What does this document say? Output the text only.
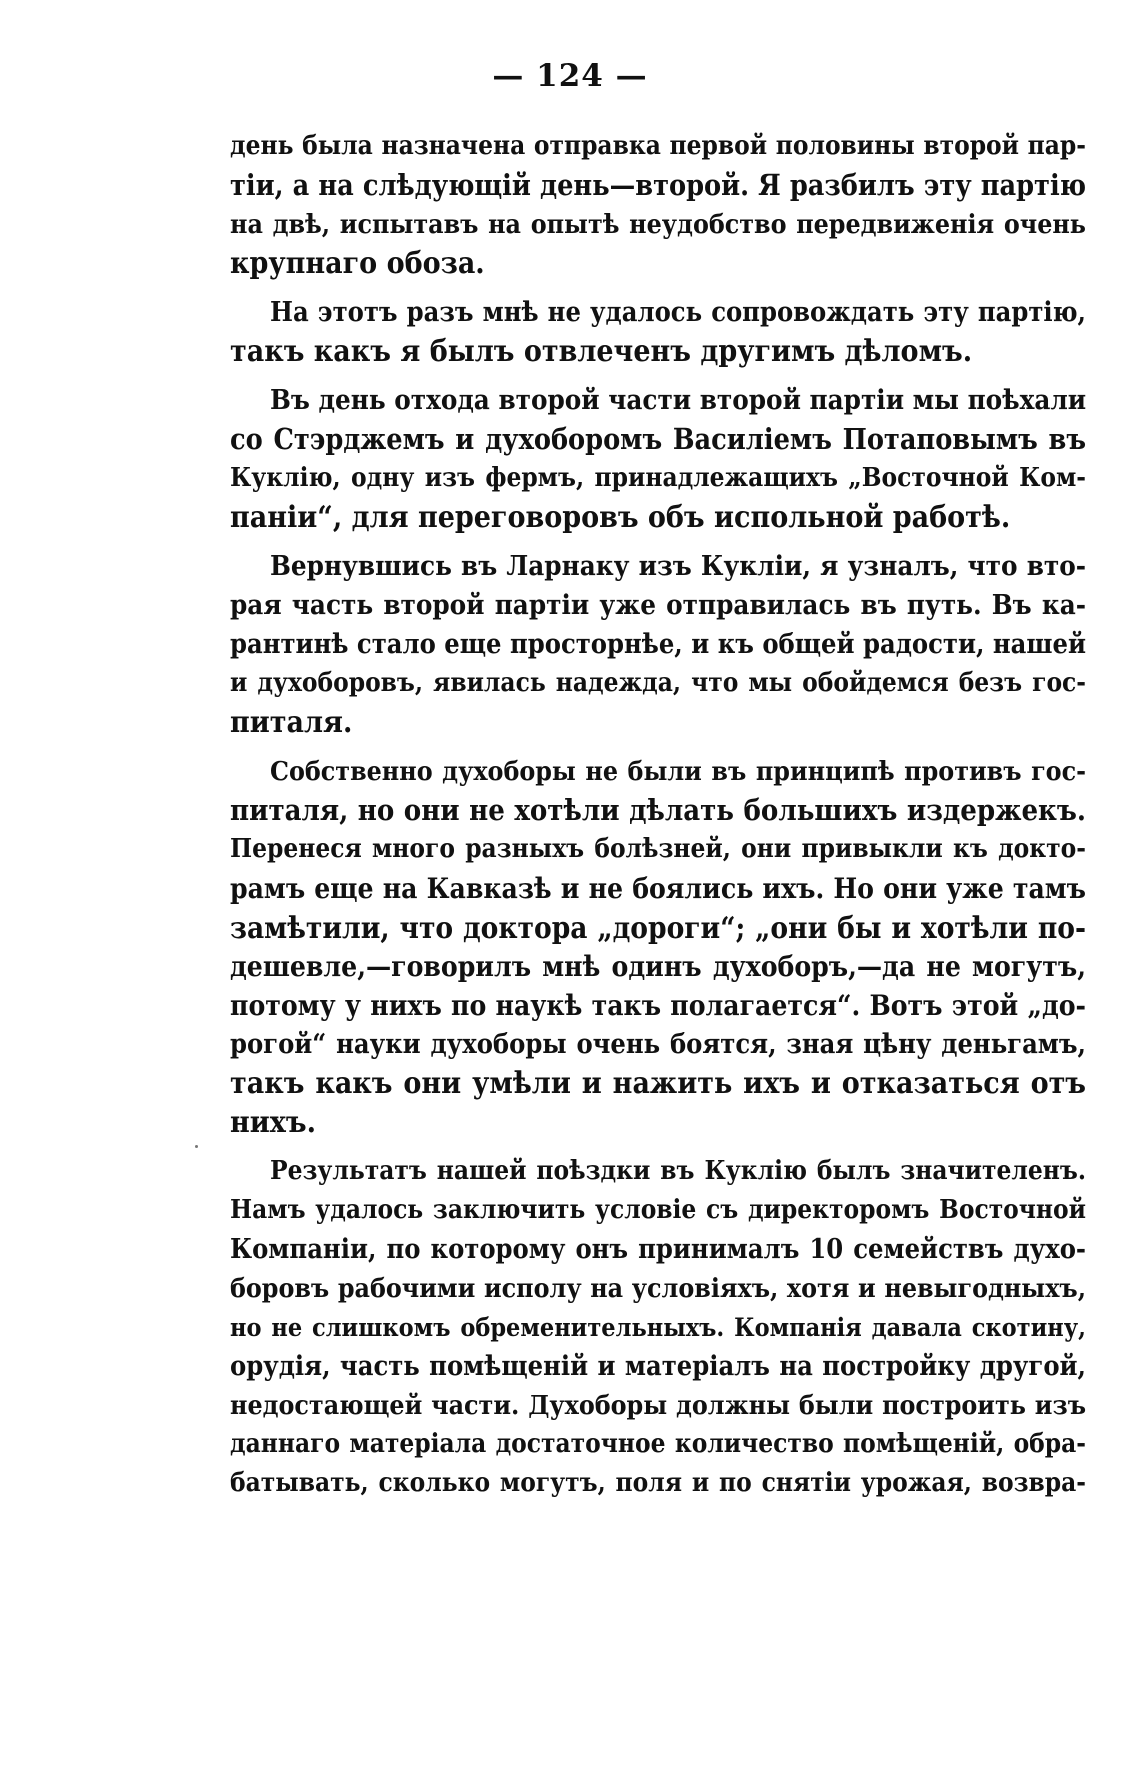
— 124 —

день была назначена отправка первой половины второй пар-
тіи, а на слѣдующій день—второй. Я разбилъ эту партію
на двѣ, испытавъ на опытѣ неудобство передвиженія очень
крупнаго обоза.

На этотъ разъ мнѣ не удалось сопровождать эту партію,
такъ какъ я былъ отвлеченъ другимъ дѣломъ.

Въ день отхода второй части второй партіи мы поѣхали
со Стэрджемъ и духоборомъ Василіемъ Потаповымъ въ
Куклію, одну изъ фермъ, принадлежащихъ „Восточной Ком-
паніи“, для переговоровъ объ испольной работѣ.

Вернувшись въ Ларнаку изъ Кукліи, я узналъ, что вто-
рая часть второй партіи уже отправилась въ путь. Въ ка-
рантинѣ стало еще просторнѣе, и къ общей радости, нашей
и духоборовъ, явилась надежда, что мы обойдемся безъ гос-
питаля.

Собственно духоборы не были въ принципѣ противъ гос-
питаля, но они не хотѣли дѣлать большихъ издержекъ.
Перенеся много разныхъ болѣзней, они привыкли къ докто-
рамъ еще на Кавказѣ и не боялись ихъ. Но они уже тамъ
замѣтили, что доктора „дороги“; „они бы и хотѣли по-
дешевле,—говорилъ мнѣ одинъ духоборъ,—да не могутъ,
потому у нихъ по наукѣ такъ полагается“. Вотъ этой „до-
рогой“ науки духоборы очень боятся, зная цѣну деньгамъ,
такъ какъ они умѣли и нажить ихъ и отказаться отъ
нихъ.

Результатъ нашей поѣздки въ Куклію былъ значителенъ.
Намъ удалось заключить условіе съ директоромъ Восточной
Компаніи, по которому онъ принималъ 10 семействъ духо-
боровъ рабочими исполу на условіяхъ, хотя и невыгодныхъ,
но не слишкомъ обременительныхъ. Компанія давала скотину,
орудія, часть помѣщеній и матеріалъ на постройку другой,
недостающей части. Духоборы должны были построить изъ
даннаго матеріала достаточное количество помѣщеній, обра-
батывать, сколько могутъ, поля и по снятіи урожая, возвра-
